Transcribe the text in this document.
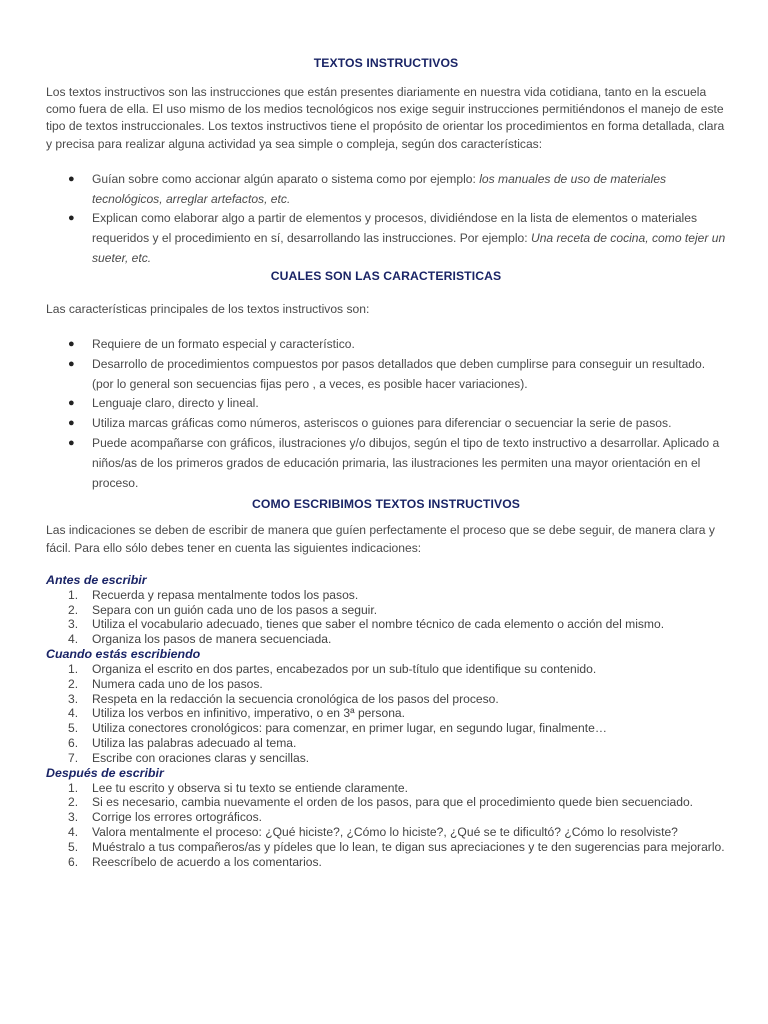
TEXTOS INSTRUCTIVOS

Los textos instructivos son las instrucciones que están presentes diariamente en nuestra vida cotidiana, tanto en la escuela como fuera de ella. El uso mismo de los medios tecnológicos nos exige seguir instrucciones permitiéndonos el manejo de este tipo de textos instruccionales. Los textos instructivos tiene el propósito de orientar los procedimientos en forma detallada, clara y precisa para realizar alguna actividad ya sea simple o compleja, según dos características:

● Guían sobre como accionar algún aparato o sistema como por ejemplo: los manuales de uso de materiales tecnológicos, arreglar artefactos, etc.
● Explican como elaborar algo a partir de elementos y procesos, dividiéndose en la lista de elementos o materiales requeridos y el procedimiento en sí, desarrollando las instrucciones. Por ejemplo: Una receta de cocina, como tejer un sueter, etc.
CUALES SON LAS CARACTERISTICAS

Las características principales de los textos instructivos son:

● Requiere de un formato especial y característico.
● Desarrollo de procedimientos compuestos por pasos detallados que deben cumplirse para conseguir un resultado. (por lo general son secuencias fijas pero , a veces, es posible hacer variaciones).
● Lenguaje claro, directo y lineal.
● Utiliza marcas gráficas como números, asteriscos o guiones para diferenciar o secuenciar la serie de pasos.
● Puede acompañarse con gráficos, ilustraciones y/o dibujos, según el tipo de texto instructivo a desarrollar. Aplicado a niños/as de los primeros grados de educación primaria, las ilustraciones les permiten una mayor orientación en el proceso.
COMO ESCRIBIMOS TEXTOS INSTRUCTIVOS

Las indicaciones se deben de escribir de manera que guíen perfectamente el proceso que se debe seguir, de manera clara y fácil. Para ello sólo debes tener en cuenta las siguientes indicaciones:

Antes de escribir
1. Recuerda y repasa mentalmente todos los pasos.
2. Separa con un guión cada uno de los pasos a seguir.
3. Utiliza el vocabulario adecuado, tienes que saber el nombre técnico de cada elemento o acción del mismo.
4. Organiza los pasos de manera secuenciada.
Cuando estás escribiendo
1. Organiza el escrito en dos partes, encabezados por un sub-título que identifique su contenido.
2. Numera cada uno de los pasos.
3. Respeta en la redacción la secuencia cronológica de los pasos del proceso.
4. Utiliza los verbos en infinitivo, imperativo, o en 3ª persona.
5. Utiliza conectores cronológicos: para comenzar, en primer lugar, en segundo lugar, finalmente…
6. Utiliza las palabras adecuado al tema.
7. Escribe con oraciones claras y sencillas.
Después de escribir
1. Lee tu escrito y observa si tu texto se entiende claramente.
2. Si es necesario, cambia nuevamente el orden de los pasos, para que el procedimiento quede bien secuenciado.
3. Corrige los errores ortográficos.
4. Valora mentalmente el proceso: ¿Qué hiciste?, ¿Cómo lo hiciste?, ¿Qué se te dificultó? ¿Cómo lo resolviste?
5. Muéstralo a tus compañeros/as y pídeles que lo lean, te digan sus apreciaciones y te den sugerencias para mejorarlo.
6. Reescríbelo de acuerdo a los comentarios.
